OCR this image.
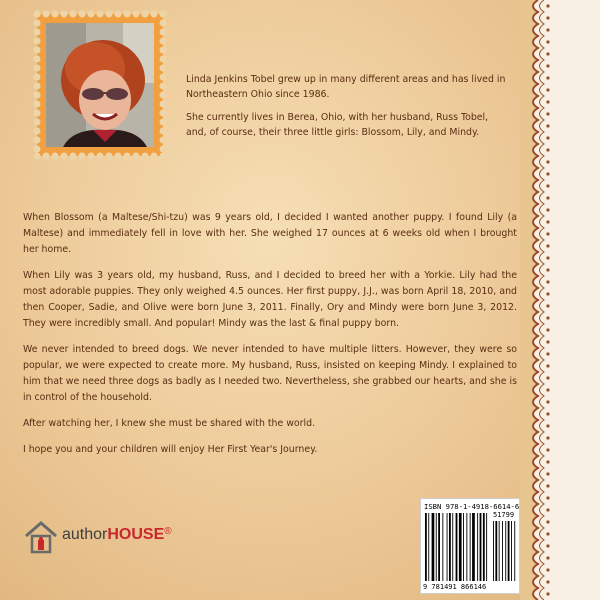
Linda Jenkins Tobel grew up in many different areas and has lived in Northeastern Ohio since 1986.

She currently lives in Berea, Ohio, with her husband, Russ Tobel, and, of course, their three little girls: Blossom, Lily, and Mindy.

When Blossom (a Maltese/Shi-tzu) was 9 years old, I decided I wanted another puppy. I found Lily (a Maltese) and immediately fell in love with her. She weighed 17 ounces at 6 weeks old when I brought her home.

When Lily was 3 years old, my husband, Russ, and I decided to breed her with a Yorkie. Lily had the most adorable puppies. They only weighed 4.5 ounces. Her first puppy, J.J., was born April 18, 2010, and then Cooper, Sadie, and Olive were born June 3, 2011. Finally, Ory and Mindy were born June 3, 2012. They were incredibly small. And popular! Mindy was the last & final puppy born.

We never intended to breed dogs. We never intended to have multiple litters. However, they were so popular, we were expected to create more. My husband, Russ, insisted on keeping Mindy. I explained to him that we need three dogs as badly as I needed two. Nevertheless, she grabbed our hearts, and she is in control of the household.

After watching her, I knew she must be shared with the world.

I hope you and your children will enjoy Her First Year's Journey.

authorHOUSE®
ISBN 978-1-4918-6614-6
51799
9 781491 866146
